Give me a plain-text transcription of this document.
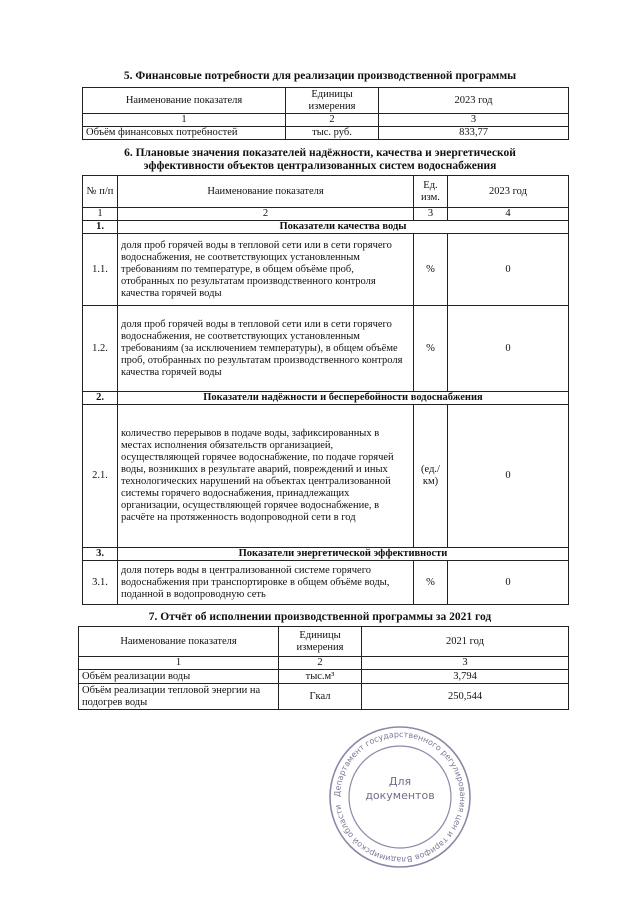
5. Финансовые потребности для реализации производственной программы
Наименование показателя	Единицы измерения	2023 год
1	2	3
Объём финансовых потребностей	тыс. руб.	833,77
6. Плановые значения показателей надёжности, качества и энергетической
эффективности объектов централизованных систем водоснабжения
№ п/п	Наименование показателя	Ед. изм.	2023 год
1	2	3	4
1.	Показатели качества воды		
1.1.	доля проб горячей воды в тепловой сети или в сети горячего водоснабжения, не соответствующих установленным требованиям по температуре, в общем объёме проб, отобранных по результатам производственного контроля качества горячей воды	%	0
1.2.	доля проб горячей воды в тепловой сети или в сети горячего водоснабжения, не соответствующих установленным требованиям (за исключением температуры), в общем объёме проб, отобранных по результатам производственного контроля качества горячей воды	%	0
2.	Показатели надёжности и бесперебойности водоснабжения		
2.1.	количество перерывов в подаче воды, зафиксированных в местах исполнения обязательств организацией, осуществляющей горячее водоснабжение, по подаче горячей воды, возникших в результате аварий, повреждений и иных технологических нарушений на объектах централизованной системы горячего водоснабжения, принадлежащих организации, осуществляющей горячее водоснабжение, в расчёте на протяженность водопроводной сети в год	(ед./км)	0
3.	Показатели энергетической эффективности		
3.1.	доля потерь воды в централизованной системе горячего водоснабжения при транспортировке в общем объёме воды, поданной в водопроводную сеть	%	0
7. Отчёт об исполнении производственной программы за 2021 год
Наименование показателя	Единицы измерения	2021 год
1	2	3
Объём реализации воды	тыс.м³	3,794
Объём реализации тепловой энергии на подогрев воды	Гкал	250,544
Департамент государственного регулирования цен и тарифов Владимирской области
Для документов
